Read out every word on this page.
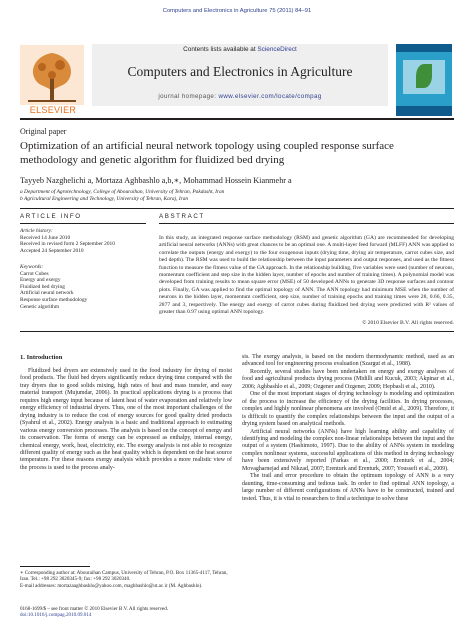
Computers and Electronics in Agriculture 75 (2011) 84–91
ELSEVIER
Contents lists available at ScienceDirect
Computers and Electronics in Agriculture
journal homepage: www.elsevier.com/locate/compag
Original paper
Optimization of an artificial neural network topology using coupled response surface methodology and genetic algorithm for fluidized bed drying
Tayyeb Nazghelichi a, Mortaza Aghbashlo a,b,∗, Mohammad Hossein Kianmehr a
a Department of Agrotechnology, College of Abouraihan, University of Tehran, Pakdasht, Iran
b Agricultural Engineering and Technology, University of Tehran, Karaj, Iran
ARTICLE INFO	ABSTRACT
Article history:
Received 14 June 2010
Received in revised form 2 September 2010
Accepted 24 September 2010
Keywords:
Carrot Cubes
Energy and exergy
Fluidized bed drying
Artificial neural network
Response surface methodology
Genetic algorithm
In this study, an integrated response surface methodology (RSM) and genetic algorithm (GA) are recommended for developing artificial neural networks (ANNs) with great chances to be an optimal one. A multi-layer feed forward (MLFF) ANN was applied to correlate the outputs (energy and exergy) to the four exogenous inputs (drying time, drying air temperature, carrot cubes size, and bed depth). The RSM was used to build the relationship between the input parameters and output responses, and used as the fitness function to measure the fitness value of the GA approach. In the relationship building, five variables were used (number of neurons, momentum coefficient and step size in the hidden layer, number of epochs and number of training times). A polynomial model was developed from training results to mean square error (MSE) of 50 developed ANNs to generate 3D response surfaces and contour plots. Finally, GA was applied to find the optimal topology of ANN. The ANN topology had minimum MSE when the number of neurons in the hidden layer, momentum coefficient, step size, number of training epochs and training times were 28, 0.66, 0.35, 2877 and 3, respectively. The energy and exergy of carrot cubes during fluidized bed drying were predicted with R² values of greater than 0.97 using optimal ANN topology.
© 2010 Elsevier B.V. All rights reserved.
1. Introduction

Fluidized bed dryers are extensively used in the food industry for drying of moist food products. The fluid bed dryers significantly reduce drying time compared with the tray dryers due to good solids mixing, high rates of heat and mass transfer, and easy material transport (Mujumdar, 2006). In practical applications drying is a process that requires high energy input because of latent heat of water evaporation and relatively low energy efficiency of industrial dryers. Thus, one of the most important challenges of the drying industry is to reduce the cost of energy sources for good quality dried products (Syahrul et al., 2002). Energy analysis is a basic and traditional approach to estimating various energy conversion processes. The analysis is based on the concept of energy and its conservation. The forms of energy can be expressed as enthalpy, internal energy, chemical energy, work, heat, electricity, etc. The exergy analysis is not able to recognize different quality of energy such as the heat quality which is dependent on the heat source temperature. For these reasons exergy analysis which provides a more realistic view of the process is used to the process analy-

sis. The exergy analysis, is based on the modern thermodynamic method, used as an advanced tool for engineering process evaluation (Szargut et al., 1988).

Recently, several studies have been undertaken on energy and exergy analyses of food and agricultural products drying process (Midilli and Kucuk, 2003; Akpinar et al., 2006; Aghbashlo et al., 2009; Ozgener and Ozgener, 2009; Hepbasli et al., 2010).

One of the most important stages of drying technology is modeling and optimization of the process to increase the efficiency of the drying facilities. In drying processes, complex and highly nonlinear phenomena are involved (Omid et al., 2009). Therefore, it is difficult to quantify the complex relationships between the input and the output of a drying system based on analytical methods.

Artificial neural networks (ANNs) have high learning ability and capability of identifying and modeling the complex non-linear relationships between the input and the output of a system (Hashimoto, 1997). Due to the ability of ANNs system in modeling complex nonlinear systems, successful applications of this method in drying technology have been extensively reported (Farkas et al., 2000; Erenturk et al., 2004; Movagharnejad and Nikzad, 2007; Erenturk and Erenturk, 2007; Youssefi et al., 2009).

The trail and error procedure to obtain the optimum topology of ANN is a very daunting, time-consuming and tedious task. In order to find optimal ANN topology, a large number of different configurations of ANNs have to be constructed, trained and tested. Thus, it is vital to researchers to find a technique to solve these

∗ Corresponding author at: Abouraihan Campus, University of Tehran, P.O. Box 11365-4117, Tehran, Iran. Tel.: +98 292 3020345-9; fax: +98 292 3020340.
E-mail addresses: mortazaaghbashlo@yahoo.com, maghbashlo@ut.ac.ir (M. Aghbashlo).
0168-1699/$ – see front matter © 2010 Elsevier B.V. All rights reserved.
doi:10.1016/j.compag.2010.09.014
